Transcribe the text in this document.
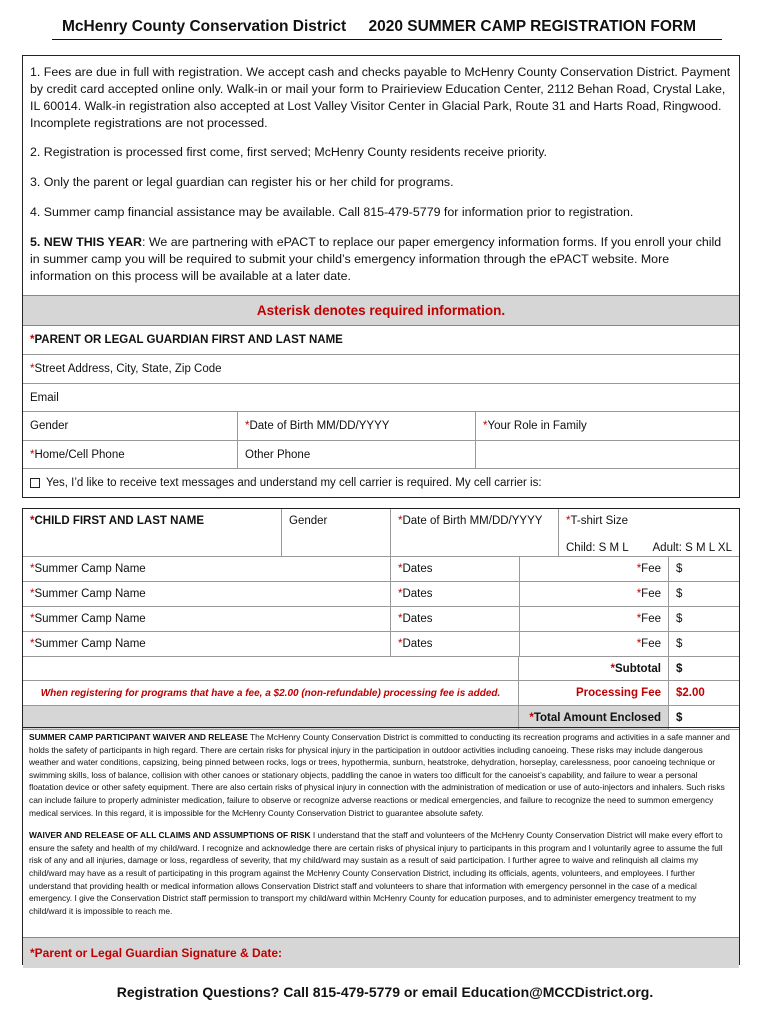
McHenry County Conservation District 2020 SUMMER CAMP REGISTRATION FORM

1. Fees are due in full with registration. We accept cash and checks payable to McHenry County Conservation District. Payment by credit card accepted online only. Walk-in or mail your form to Prairieview Education Center, 2112 Behan Road, Crystal Lake, IL 60014. Walk-in registration also accepted at Lost Valley Visitor Center in Glacial Park, Route 31 and Harts Road, Ringwood. Incomplete registrations are not processed.

2. Registration is processed first come, first served; McHenry County residents receive priority.

3. Only the parent or legal guardian can register his or her child for programs.

4. Summer camp financial assistance may be available. Call 815-479-5779 for information prior to registration.

5. NEW THIS YEAR: We are partnering with ePACT to replace our paper emergency information forms. If you enroll your child in summer camp you will be required to submit your child’s emergency information through the ePACT website. More information on this process will be available at a later date.

Asterisk denotes required information.
* PARENT OR LEGAL GUARDIAN FIRST AND LAST NAME
* Street Address, City, State, Zip Code
Email
Gender	* Date of Birth MM/DD/YYYY	* Your Role in Family
* Home/Cell Phone	Other Phone
Yes, I’d like to receive text messages and understand my cell carrier is required. My cell carrier is:
* CHILD FIRST AND LAST NAME	Gender	* Date of Birth MM/DD/YYYY *T-shirt Size
Child: S M L Adult: S M L XL
* Summer Camp Name	* Dates	* Fee	$
* Summer Camp Name	* Dates	* Fee	$
* Summer Camp Name	* Dates	* Fee	$
* Summer Camp Name	* Dates	* Fee	$
* Subtotal	$
When registering for programs that have a fee, a $2.00 (non-refundable) processing fee is added.	Processing Fee	$2.00
* Total Amount Enclosed	$

SUMMER CAMP PARTICIPANT WAIVER AND RELEASE The McHenry County Conservation District is committed to conducting its recreation programs and activities in a safe manner and holds the safety of participants in high regard. There are certain risks for physical injury in the participation in outdoor activities including canoeing. These risks may include dangerous weather and water conditions, capsizing, being pinned between rocks, logs or trees, hypothermia, sunburn, heatstroke, dehydration, horseplay, carelessness, poor canoeing technique or swimming skills, loss of balance, collision with other canoes or stationary objects, paddling the canoe in waters too difficult for the canoeist’s capability, and failure to wear a personal floatation device or other safety equipment. There are also certain risks of physical injury in connection with the administration of medication or use of auto-injectors and inhalers. Such risks can include failure to properly administer medication, failure to observe or recognize adverse reactions or medical emergencies, and failure to recognize the need to summon emergency medical services. In this regard, it is impossible for the McHenry County Conservation District to guarantee absolute safety.

WAIVER AND RELEASE OF ALL CLAIMS AND ASSUMPTIONS OF RISK I understand that the staff and volunteers of the McHenry County Conservation District will make every effort to ensure the safety and health of my child/ward. I recognize and acknowledge there are certain risks of physical injury to participants in this program and I voluntarily agree to assume the full risk of any and all injuries, damage or loss, regardless of severity, that my child/ward may sustain as a result of said participation. I further agree to waive and relinquish all claims my child/ward may have as a result of participating in this program against the McHenry County Conservation District, including its officials, agents, volunteers, and employees. I further understand that providing health or medical information allows Conservation District staff and volunteers to share that information with emergency personnel in the case of a medical emergency. I give the Conservation District staff permission to transport my child/ward within McHenry County for education purposes, and to administer emergency treatment to my child/ward it is impossible to reach me.

*Parent or Legal Guardian Signature & Date:
Registration Questions? Call 815-479-5779 or email Education@MCCDistrict.org.
